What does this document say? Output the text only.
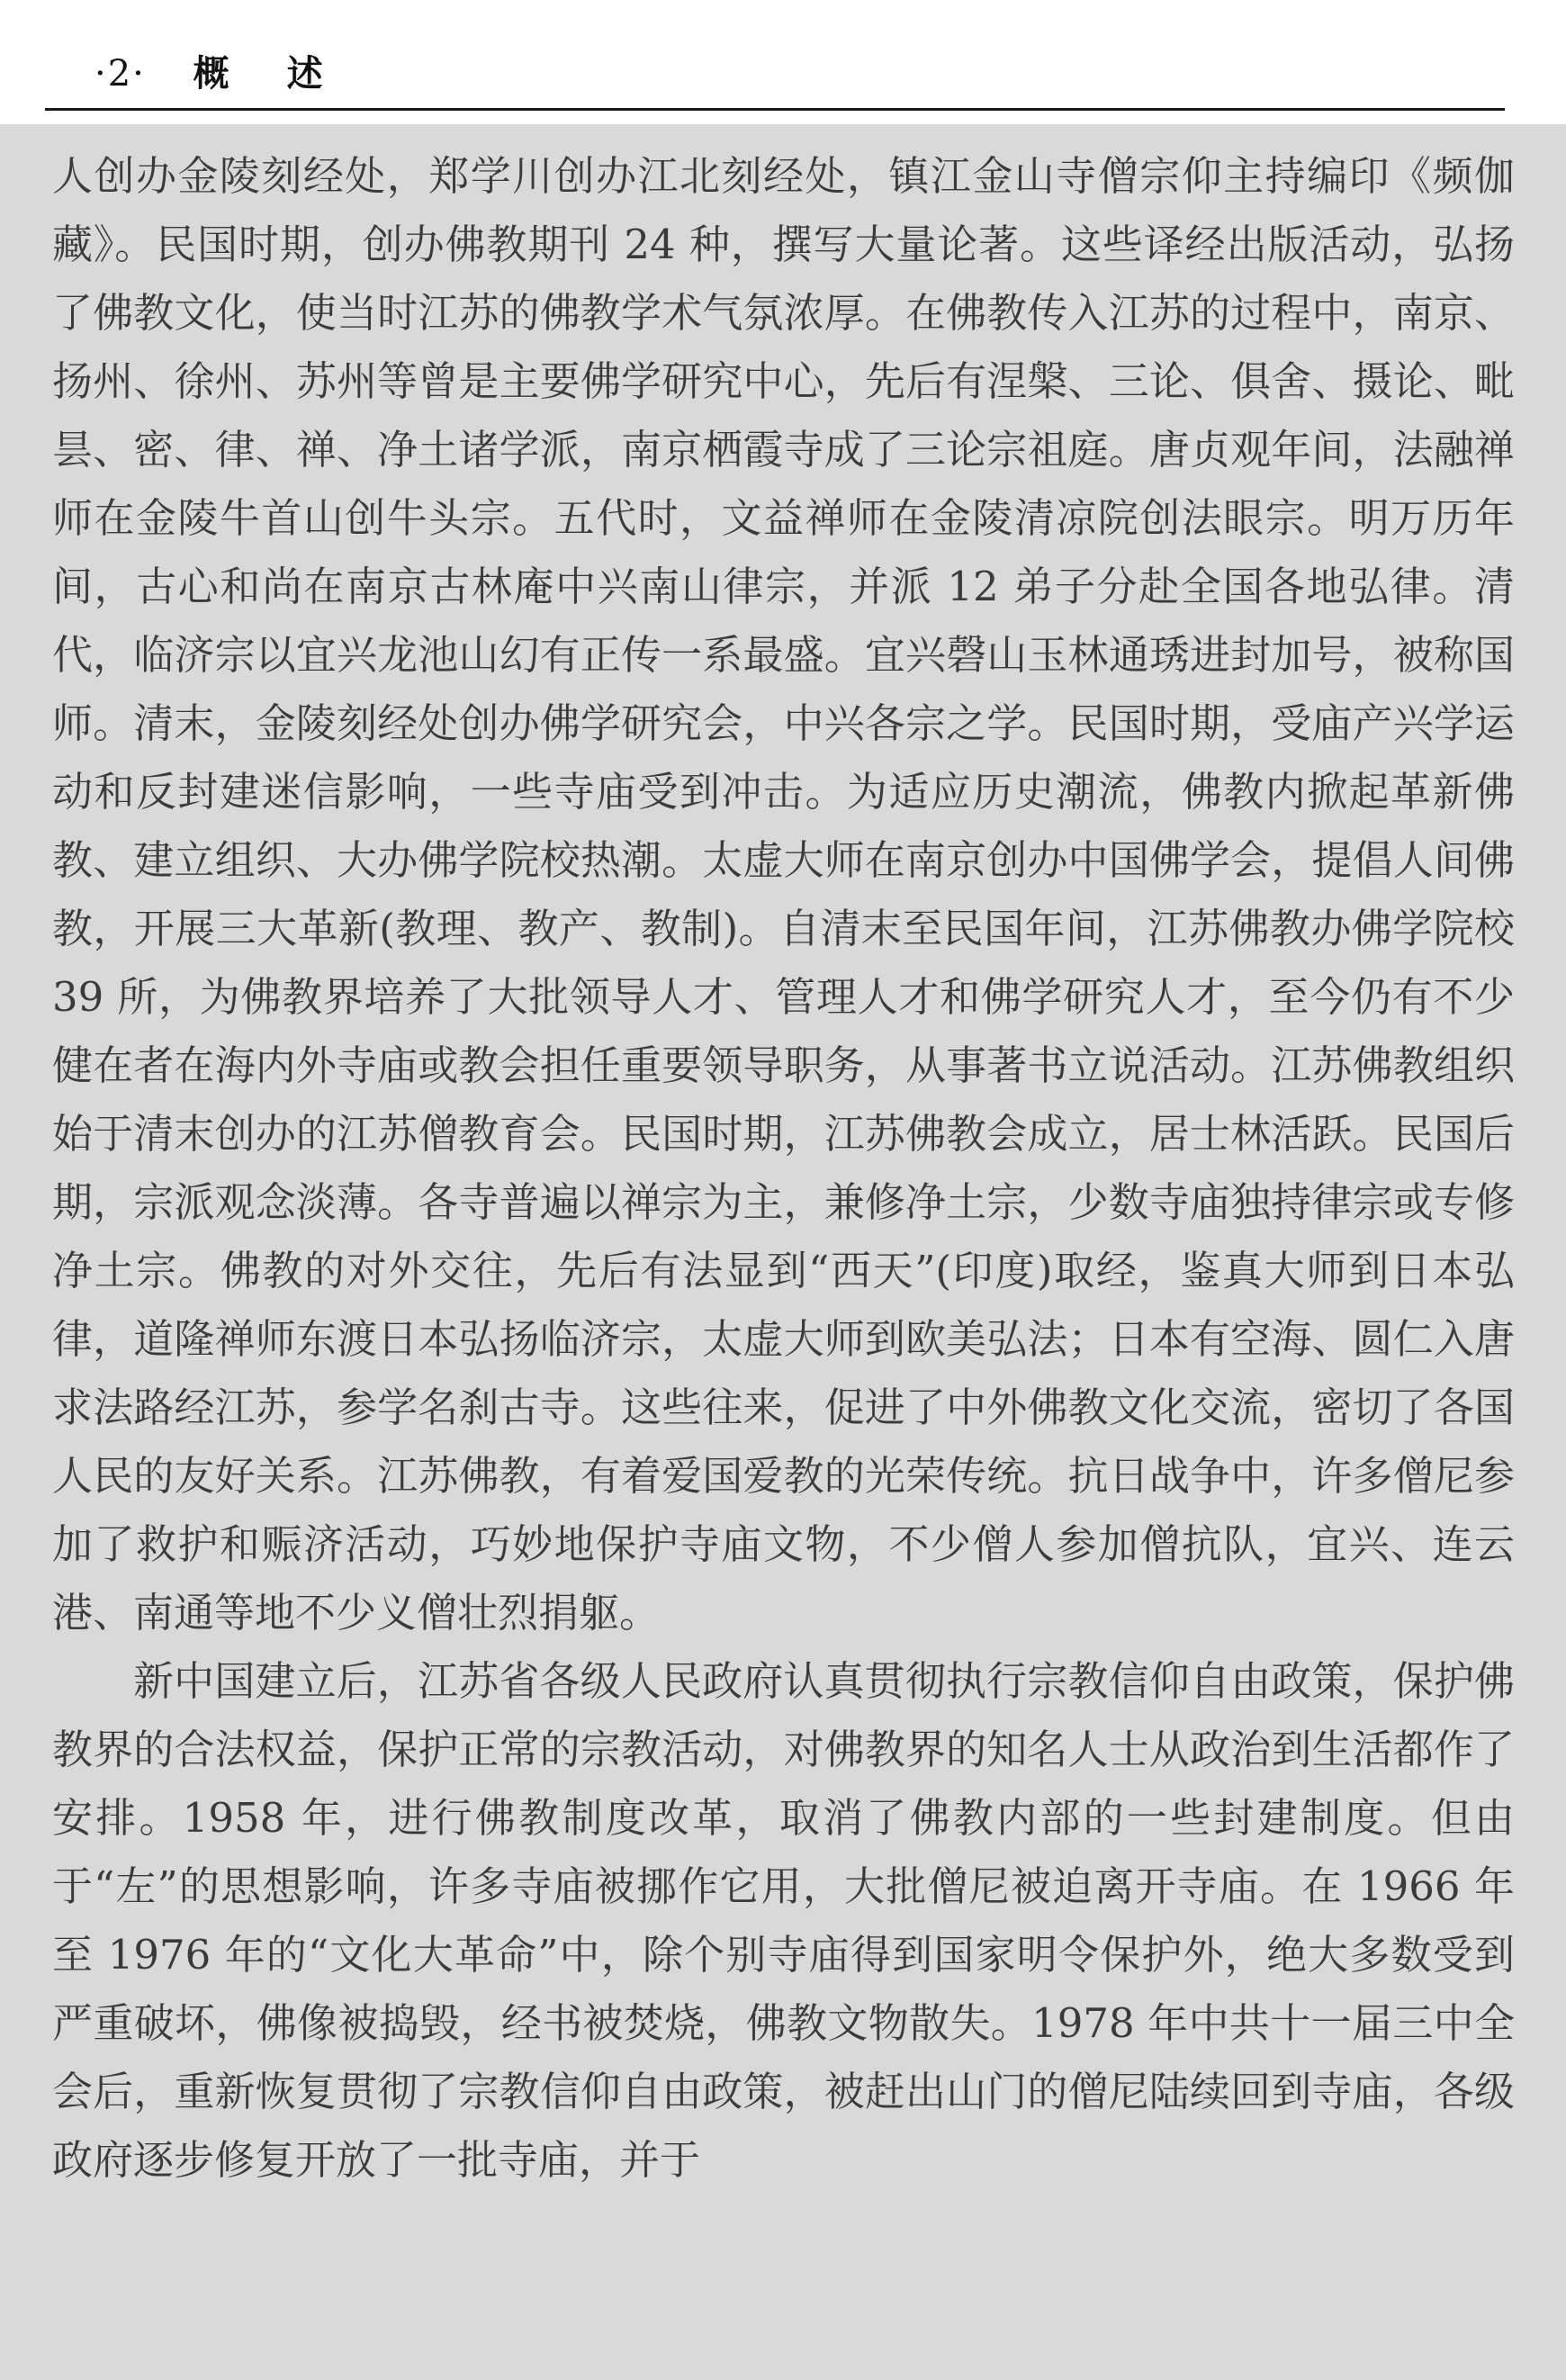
·2· 概述

人创办金陵刻经处，郑学川创办江北刻经处，镇江金山寺僧宗仰主持编印《频伽藏》。民国时期，创办佛教期刊 24 种，撰写大量论著。这些译经出版活动，弘扬了佛教文化，使当时江苏的佛教学术气氛浓厚。在佛教传入江苏的过程中，南京、扬州、徐州、苏州等曾是主要佛学研究中心，先后有涅槃、三论、俱舍、摄论、毗昙、密、律、禅、净土诸学派，南京栖霞寺成了三论宗祖庭。唐贞观年间，法融禅师在金陵牛首山创牛头宗。五代时，文益禅师在金陵清凉院创法眼宗。明万历年间，古心和尚在南京古林庵中兴南山律宗，并派 12 弟子分赴全国各地弘律。清代，临济宗以宜兴龙池山幻有正传一系最盛。宜兴磬山玉林通琇进封加号，被称国师。清末，金陵刻经处创办佛学研究会，中兴各宗之学。民国时期，受庙产兴学运动和反封建迷信影响，一些寺庙受到冲击。为适应历史潮流，佛教内掀起革新佛教、建立组织、大办佛学院校热潮。太虚大师在南京创办中国佛学会，提倡人间佛教，开展三大革新(教理、教产、教制)。自清末至民国年间，江苏佛教办佛学院校 39 所，为佛教界培养了大批领导人才、管理人才和佛学研究人才，至今仍有不少健在者在海内外寺庙或教会担任重要领导职务，从事著书立说活动。江苏佛教组织始于清末创办的江苏僧教育会。民国时期，江苏佛教会成立，居士林活跃。民国后期，宗派观念淡薄。各寺普遍以禅宗为主，兼修净土宗，少数寺庙独持律宗或专修净土宗。佛教的对外交往，先后有法显到“西天”(印度)取经，鉴真大师到日本弘律，道隆禅师东渡日本弘扬临济宗，太虚大师到欧美弘法；日本有空海、圆仁入唐求法路经江苏，参学名刹古寺。这些往来，促进了中外佛教文化交流，密切了各国人民的友好关系。江苏佛教，有着爱国爱教的光荣传统。抗日战争中，许多僧尼参加了救护和赈济活动，巧妙地保护寺庙文物，不少僧人参加僧抗队，宜兴、连云港、南通等地不少义僧壮烈捐躯。

新中国建立后，江苏省各级人民政府认真贯彻执行宗教信仰自由政策，保护佛教界的合法权益，保护正常的宗教活动，对佛教界的知名人士从政治到生活都作了安排。1958 年，进行佛教制度改革，取消了佛教内部的一些封建制度。但由于“左”的思想影响，许多寺庙被挪作它用，大批僧尼被迫离开寺庙。在 1966 年至 1976 年的“文化大革命”中，除个别寺庙得到国家明令保护外，绝大多数受到严重破坏，佛像被捣毁，经书被焚烧，佛教文物散失。1978 年中共十一届三中全会后，重新恢复贯彻了宗教信仰自由政策，被赶出山门的僧尼陆续回到寺庙，各级政府逐步修复开放了一批寺庙，并于
